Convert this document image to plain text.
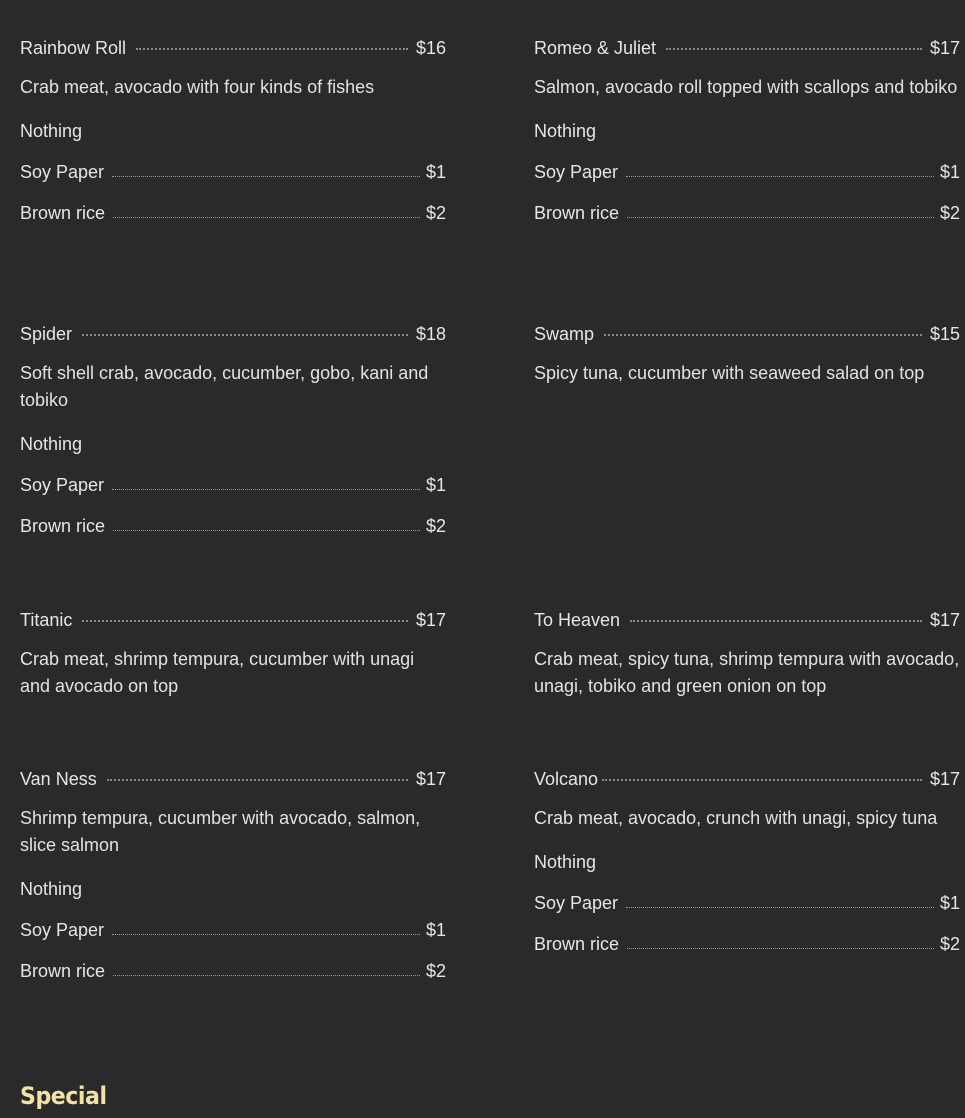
Rainbow Roll	$16
Crab meat, avocado with four kinds of fishes
Nothing
Soy Paper	$1
Brown rice	$2
Romeo & Juliet	$17
Salmon, avocado roll topped with scallops and tobiko
Nothing
Soy Paper	$1
Brown rice	$2
Spider	$18
Soft shell crab, avocado, cucumber, gobo, kani and tobiko
Nothing
Soy Paper	$1
Brown rice	$2
Swamp	$15
Spicy tuna, cucumber with seaweed salad on top
Titanic	$17
Crab meat, shrimp tempura, cucumber with unagi and avocado on top
To Heaven	$17
Crab meat, spicy tuna, shrimp tempura with avocado, unagi, tobiko and green onion on top
Van Ness	$17
Shrimp tempura, cucumber with avocado, salmon, slice salmon
Nothing
Soy Paper	$1
Brown rice	$2
Volcano	$17
Crab meat, avocado, crunch with unagi, spicy tuna
Nothing
Soy Paper	$1
Brown rice	$2
Special
